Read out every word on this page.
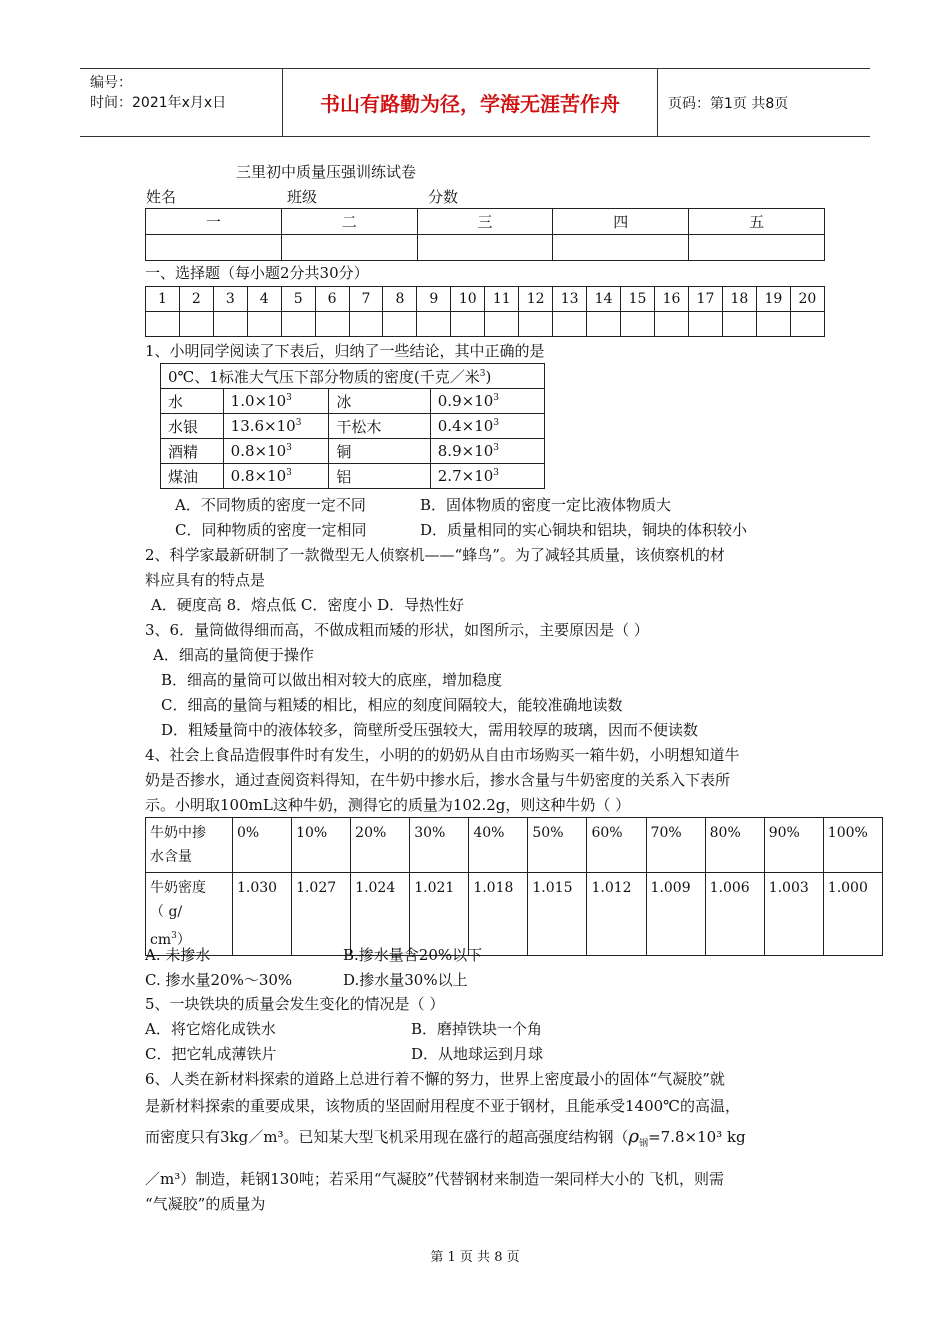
编号：
时间：2021年x月x日	书山有路勤为径，学海无涯苦作舟	页码：第1页 共8页
三里初中质量压强训练试卷
姓名	班级	分数
一	二	三	四	五

一、选择题（每小题2分共30分）
1	2	3	4	5	6	7	8	9	10	11	12	13	14	15	16	17	18	19	20

1、小明同学阅读了下表后，归纳了一些结论，其中正确的是
0℃、1标准大气压下部分物质的密度(千克／米$^3$)			
水	$1.0\times 10^3$	冰	$0.9\times 10^3$
水银	$13.6\times 10^3$	干松木	$0.4\times 10^3$
酒精	$0.8\times 10^3$	铜	$8.9\times 10^3$
煤油	$0.8\times 10^3$	铝	$2.7\times 10^3$
A．不同物质的密度一定不同	B．固体物质的密度一定比液体物质大
C．同种物质的密度一定相同	D．质量相同的实心铜块和铝块，铜块的体积较小
2、科学家最新研制了一款微型无人侦察机——“蜂鸟”。为了减轻其质量，该侦察机的材
料应具有的特点是
A．硬度高 8．熔点低 C．密度小 D．导热性好
3、6．量筒做得细而高，不做成粗而矮的形状，如图所示，主要原因是（ ）
A．细高的量筒便于操作
B．细高的量筒可以做出相对较大的底座，增加稳度
C．细高的量筒与粗矮的相比，相应的刻度间隔较大，能较准确地读数
D．粗矮量筒中的液体较多，筒壁所受压强较大，需用较厚的玻璃，因而不便读数
4、社会上食品造假事件时有发生，小明的的奶奶从自由市场购买一箱牛奶，小明想知道牛
奶是否掺水，通过查阅资料得知，在牛奶中掺水后，掺水含量与牛奶密度的关系入下表所
示。小明取100mL这种牛奶，测得它的质量为102.2g，则这种牛奶（ ）
牛奶中掺
水含量	0%	10%	20%	30%	40%	50%	60%	70%	80%	90%	100%

牛奶密度
（ g/
$cm^3$）	1.030	1.027	1.024	1.021	1.018	1.015	1.012	1.009	1.006	1.003	1.000
A. 未掺水	B.掺水量含20%以下
C. 掺水量20%～30%	D.掺水量30%以上
5、一块铁块的质量会发生变化的情况是（ ）
A．将它熔化成铁水	B．磨掉铁块一个角
C．把它轧成薄铁片	D．从地球运到月球
6、人类在新材料探索的道路上总进行着不懈的努力，世界上密度最小的固体“气凝胶”就
是新材料探索的重要成果，该物质的坚固耐用程度不亚于钢材，且能承受1400℃的高温，
而密度只有3kg／m³。已知某大型飞机采用现在盛行的超高强度结构钢（$\rho_钢=7.8\times 10^3$ kg
／m³）制造，耗钢130吨；若采用“气凝胶”代替钢材来制造一架同样大小的 飞机，则需
“气凝胶”的质量为
第 1 页 共 8 页
